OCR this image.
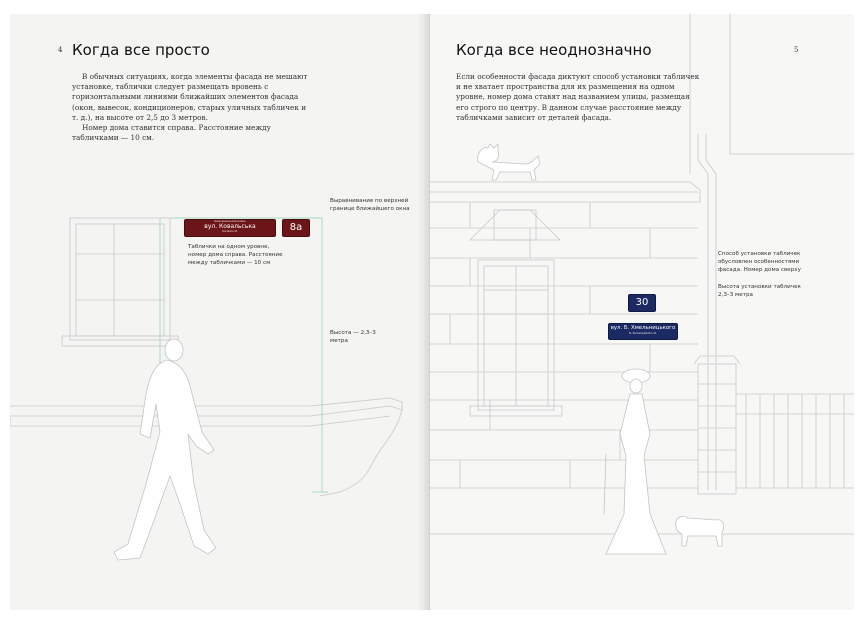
4 Когда все просто

В обычных ситуациях, когда элементы фасада не мешают установке, таблички следует размещать вровень с горизонтальными линиями ближайших элементов фасада (окон, вывесок, кондиционеров, старых уличных табличек и т. д.), на высоте от 2,5 до 3 метров.

Номер дома ставится справа. Расстояние между табличками — 10 см.

Шевченківський район
вул. Ковальська
Kovalska St.	8а
Выравнивание по верхней границе ближайшего окна
Таблички на одном уровне, номер дома справа. Расстояние между табличками — 10 см
Высота — 2,3–3 метра
Когда все неоднозначно	5

Если особенности фасада диктуют способ установки табличек и не хватает пространства для их размещения на одном уровне, номер дома ставят над названием улицы, размещая его строго по центру. В данном случае расстояние между табличками зависит от деталей фасада.

30
вул. Б. Хмельницького
B. Khmelnytskoho St.
Способ установки табличек обусловлен особенностями фасада. Номер дома сверху
Высота установки табличек 2,3–3 метра
